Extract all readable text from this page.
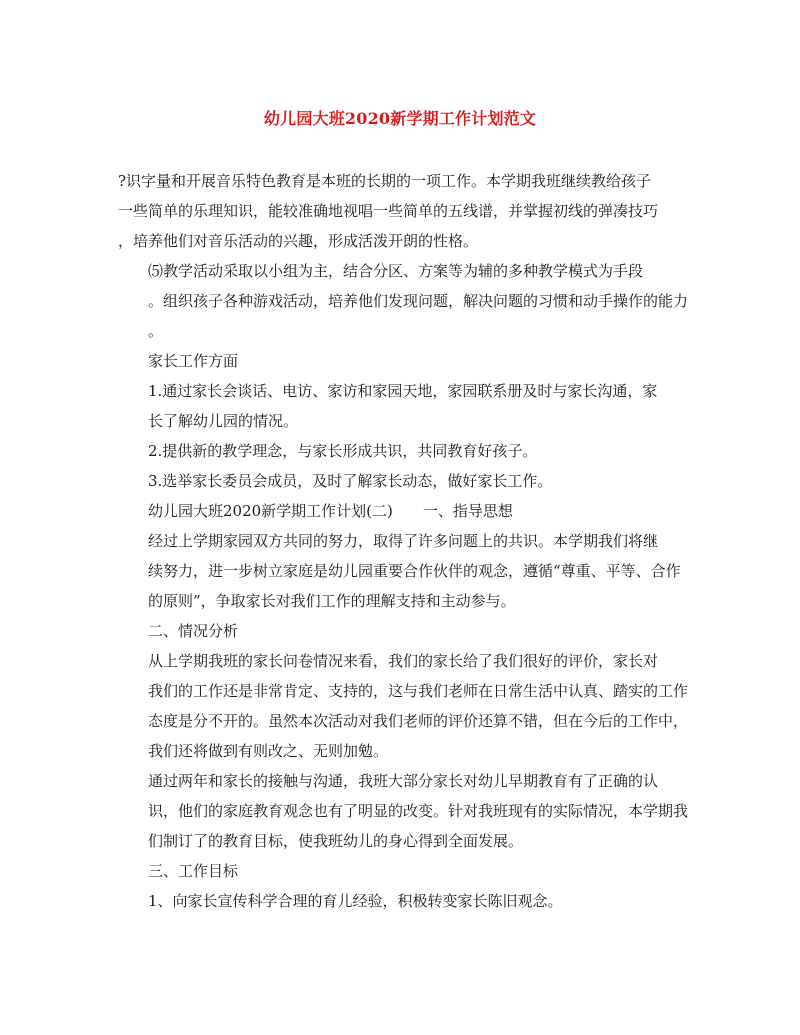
幼儿园大班2020新学期工作计划范文
?识字量和开展音乐特色教育是本班的长期的一项工作。本学期我班继续教给孩子
一些简单的乐理知识，能较准确地视唱一些简单的五线谱，并掌握初线的弹凑技巧
，培养他们对音乐活动的兴趣，形成活泼开朗的性格。
⑸教学活动采取以小组为主，结合分区、方案等为辅的多种教学模式为手段
。组织孩子各种游戏活动，培养他们发现问题，解决问题的习惯和动手操作的能力
。
家长工作方面
1.通过家长会谈话、电访、家访和家园天地，家园联系册及时与家长沟通，家
长了解幼儿园的情况。
2.提供新的教学理念，与家长形成共识，共同教育好孩子。
3.选举家长委员会成员，及时了解家长动态，做好家长工作。
幼儿园大班2020新学期工作计划(二)　　一、指导思想
经过上学期家园双方共同的努力，取得了许多问题上的共识。本学期我们将继
续努力，进一步树立家庭是幼儿园重要合作伙伴的观念，遵循“尊重、平等、合作
的原则”，争取家长对我们工作的理解支持和主动参与。
二、情况分析
从上学期我班的家长问卷情况来看，我们的家长给了我们很好的评价，家长对
我们的工作还是非常肯定、支持的，这与我们老师在日常生活中认真、踏实的工作
态度是分不开的。虽然本次活动对我们老师的评价还算不错，但在今后的工作中，
我们还将做到有则改之、无则加勉。
通过两年和家长的接触与沟通，我班大部分家长对幼儿早期教育有了正确的认
识，他们的家庭教育观念也有了明显的改变。针对我班现有的实际情况，本学期我
们制订了的教育目标，使我班幼儿的身心得到全面发展。
三、工作目标
1、向家长宣传科学合理的育儿经验，积极转变家长陈旧观念。
